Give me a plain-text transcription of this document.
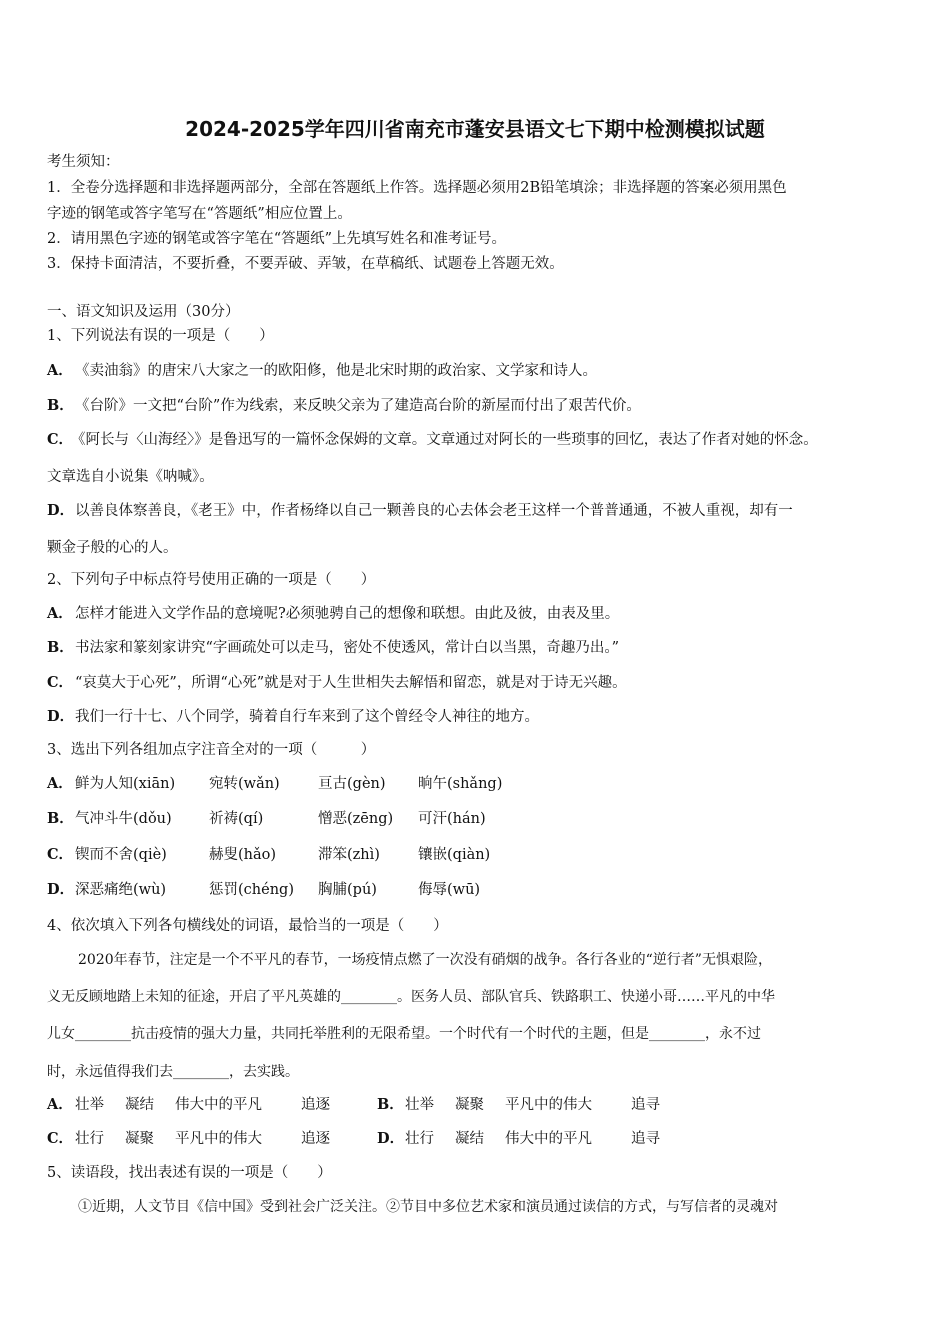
2024-2025学年四川省南充市蓬安县语文七下期中检测模拟试题
考生须知：
1．全卷分选择题和非选择题两部分，全部在答题纸上作答。选择题必须用2B铅笔填涂；非选择题的答案必须用黑色
字迹的钢笔或答字笔写在“答题纸”相应位置上。
2．请用黑色字迹的钢笔或答字笔在“答题纸”上先填写姓名和准考证号。
3．保持卡面清洁，不要折叠，不要弄破、弄皱，在草稿纸、试题卷上答题无效。
一、语文知识及运用（30分）
1、下列说法有误的一项是（　　）
A． 《卖油翁》的唐宋八大家之一的欧阳修，他是北宋时期的政治家、文学家和诗人。
B．《台阶》一文把“台阶”作为线索，来反映父亲为了建造高台阶的新屋而付出了艰苦代价。
C．《阿长与〈山海经〉》是鲁迅写的一篇怀念保姆的文章。文章通过对阿长的一些琐事的回忆，表达了作者对她的怀念。
文章选自小说集《呐喊》。
D．以善良体察善良，《老王》中，作者杨绛以自己一颗善良的心去体会老王这样一个普普通通，不被人重视，却有一
颗金子般的心的人。
2、下列句子中标点符号使用正确的一项是（　　）
A． 怎样才能进入文学作品的意境呢?必须驰骋自己的想像和联想。由此及彼，由表及里。
B．书法家和篆刻家讲究“字画疏处可以走马，密处不使透风，常计白以当黑，奇趣乃出。”
C． “哀莫大于心死”，所谓“心死”就是对于人生世相失去解悟和留恋，就是对于诗无兴趣。
D．我们一行十七、八个同学，骑着自行车来到了这个曾经令人神往的地方。
3、选出下列各组加点字注音全对的一项（　　　）
A． 鲜为人知(xiān) 宛转(wǎn)	亘古(gèn) 晌午(shǎng)
B． 气冲斗牛(dǒu)	祈祷(qí)	憎恶(zēng) 可汗(hán)
C． 锲而不舍(qiè)	赫叟(hǎo)	滞笨(zhì)	镶嵌(qiàn)
D． 深恶痛绝(wù)	惩罚(chéng) 胸脯(pú)	侮辱(wū)
4、依次填入下列各句横线处的词语，最恰当的一项是（　　）
2020年春节，注定是一个不平凡的春节，一场疫情点燃了一次没有硝烟的战争。各行各业的“逆行者”无惧艰险，
义无反顾地踏上未知的征途，开启了平凡英雄的________。医务人员、部队官兵、铁路职工、快递小哥……平凡的中华
儿女________抗击疫情的强大力量，共同托举胜利的无限希望。一个时代有一个时代的主题，但是________，永不过
时，永远值得我们去________，去实践。
A． 壮举 凝结 伟大中的平凡	追逐	B． 壮举 凝聚 平凡中的伟大	追寻
C． 壮行 凝聚 平凡中的伟大	追逐	D． 壮行 凝结 伟大中的平凡	追寻
5、读语段，找出表述有误的一项是（　　）
①近期，人文节目《信中国》受到社会广泛关注。②节目中多位艺术家和演员通过读信的方式，与写信者的灵魂对
